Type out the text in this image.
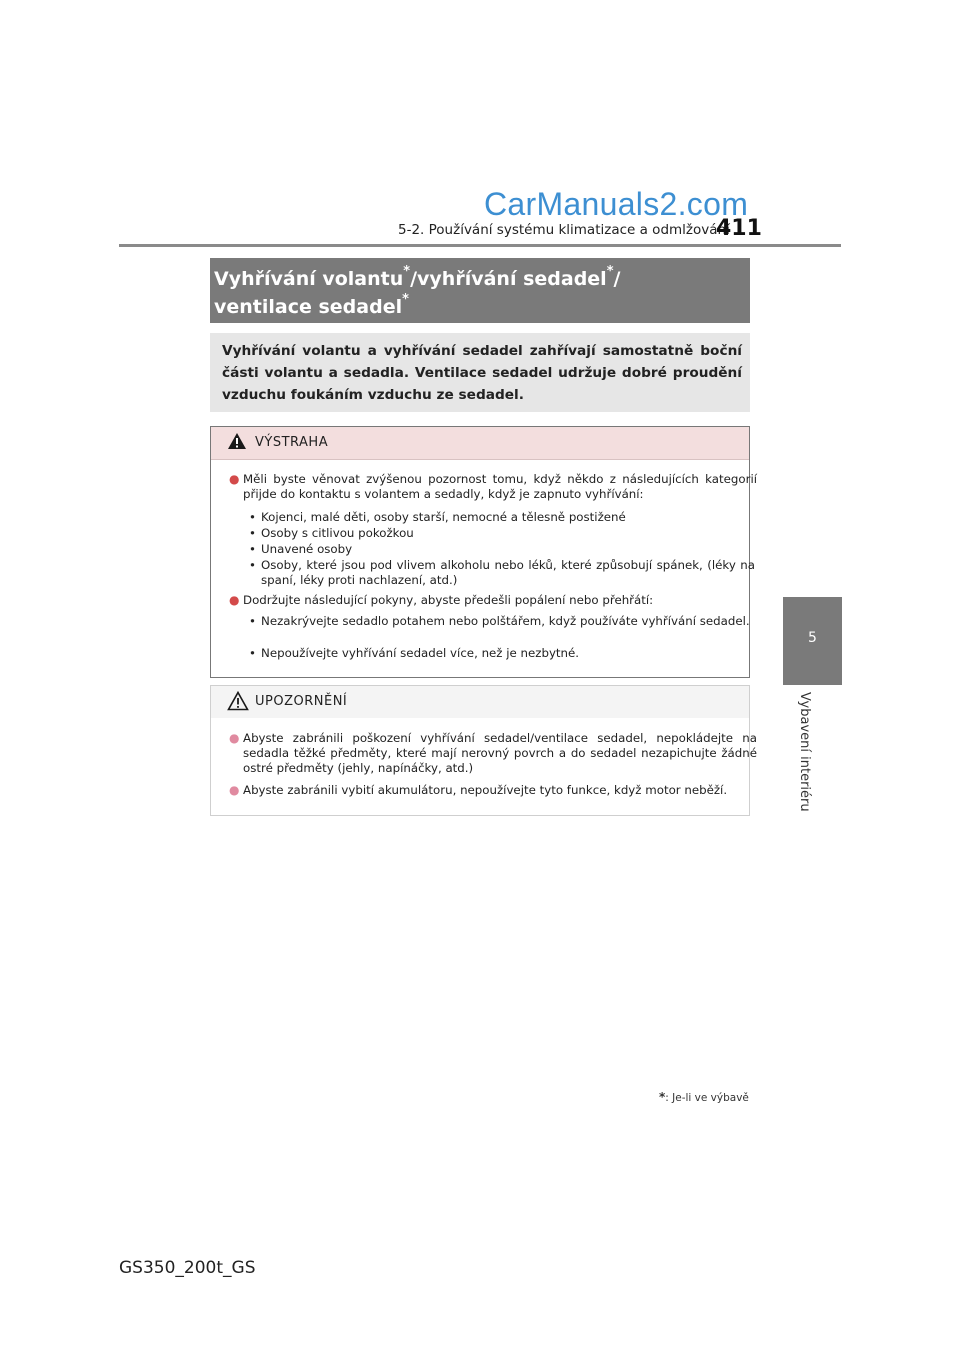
CarManuals2.com
5-2. Používání systému klimatizace a odmlžování
411
5
Vybavení interiéru
Vyhřívání volantu*/vyhřívání sedadel*/
ventilace sedadel*
Vyhřívání volantu a vyhřívání sedadel zahřívají samostatně boční části volantu a sedadla. Ventilace sedadel udržuje dobré proudění vzduchu foukáním vzduchu ze sedadel.
VÝSTRAHA
● Měli byste věnovat zvýšenou pozornost tomu, když někdo z následujících kategorií přijde do kontaktu s volantem a sedadly, když je zapnuto vyhřívání:
• Kojenci, malé děti, osoby starší, nemocné a tělesně postižené
• Osoby s citlivou pokožkou
• Unavené osoby
• Osoby, které jsou pod vlivem alkoholu nebo léků, které způsobují spánek, (léky na spaní, léky proti nachlazení, atd.)
● Dodržujte následující pokyny, abyste předešli popálení nebo přehřátí:
• Nezakrývejte sedadlo potahem nebo polštářem, když používáte vyhřívání sedadel.
• Nepoužívejte vyhřívání sedadel více, než je nezbytné.
UPOZORNĚNÍ
● Abyste zabránili poškození vyhřívání sedadel/ventilace sedadel, nepokládejte na sedadla těžké předměty, které mají nerovný povrch a do sedadel nezapichujte žádné ostré předměty (jehly, napínáčky, atd.)
● Abyste zabránili vybití akumulátoru, nepoužívejte tyto funkce, když motor neběží.
*: Je-li ve výbavě
GS350_200t_GS
